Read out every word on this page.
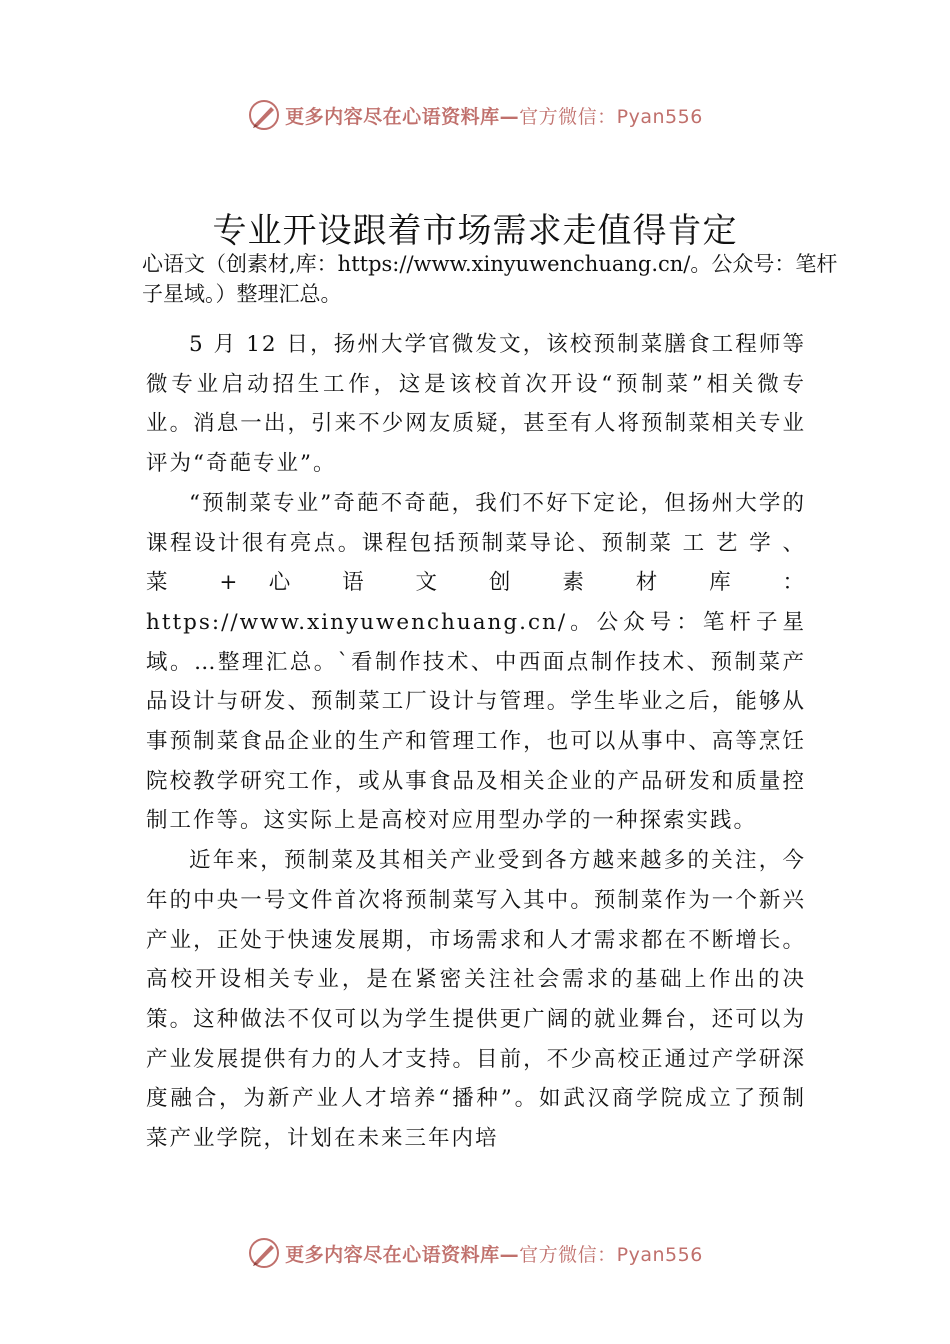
更多内容尽在心语资料库—官方微信：Pyan556
专业开设跟着市场需求走值得肯定
心语文（创素材,库：https://www.xinyuwenchuang.cn/。公众号：笔杆子星域。）整理汇总。

5 月 12 日，扬州大学官微发文，该校预制菜膳食工程师等微专业启动招生工作，这是该校首次开设“预制菜”相关微专业。消息一出，引来不少网友质疑，甚至有人将预制菜相关专业评为“奇葩专业”。

“预制菜专业”奇葩不奇葩，我们不好下定论，但扬州大学的课程设计很有亮点。课程包括预制菜导论、预制菜 工 艺 学 、 菜 + 心 语 文 创 素 材 库 ： https://www.xinyuwenchuang.cn/。公众号：笔杆子星域。…整理汇总。`看制作技术、中西面点制作技术、预制菜产品设计与研发、预制菜工厂设计与管理。学生毕业之后，能够从事预制菜食品企业的生产和管理工作，也可以从事中、高等烹饪院校教学研究工作，或从事食品及相关企业的产品研发和质量控制工作等。这实际上是高校对应用型办学的一种探索实践。

近年来，预制菜及其相关产业受到各方越来越多的关注，今年的中央一号文件首次将预制菜写入其中。预制菜作为一个新兴产业，正处于快速发展期，市场需求和人才需求都在不断增长。高校开设相关专业，是在紧密关注社会需求的基础上作出的决策。这种做法不仅可以为学生提供更广阔的就业舞台，还可以为产业发展提供有力的人才支持。目前，不少高校正通过产学研深度融合，为新产业人才培养“播种”。如武汉商学院成立了预制菜产业学院，计划在未来三年内培

更多内容尽在心语资料库—官方微信：Pyan556
